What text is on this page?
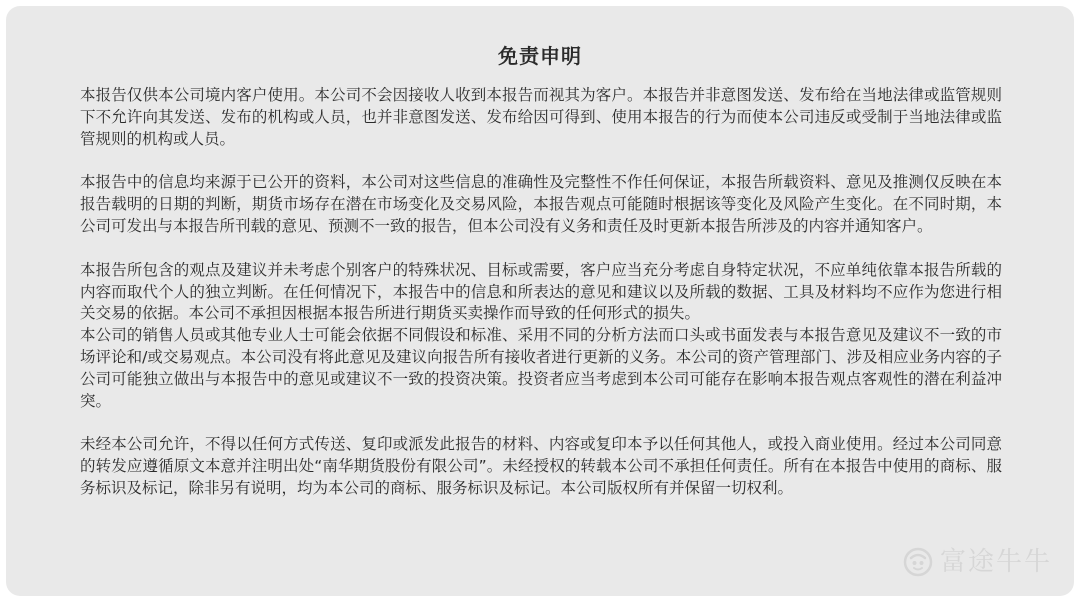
免责申明

本报告仅供本公司境内客户使用。本公司不会因接收人收到本报告而视其为客户。本报告并非意图发送、发布给在当地法律或监管规则下不允许向其发送、发布的机构或人员，也并非意图发送、发布给因可得到、使用本报告的行为而使本公司违反或受制于当地法律或监管规则的机构或人员。

本报告中的信息均来源于已公开的资料，本公司对这些信息的准确性及完整性不作任何保证，本报告所载资料、意见及推测仅反映在本报告载明的日期的判断，期货市场存在潜在市场变化及交易风险，本报告观点可能随时根据该等变化及风险产生变化。在不同时期，本公司可发出与本报告所刊载的意见、预测不一致的报告，但本公司没有义务和责任及时更新本报告所涉及的内容并通知客户。

本报告所包含的观点及建议并未考虑个别客户的特殊状况、目标或需要，客户应当充分考虑自身特定状况，不应单纯依靠本报告所载的内容而取代个人的独立判断。在任何情况下，本报告中的信息和所表达的意见和建议以及所载的数据、工具及材料均不应作为您进行相关交易的依据。本公司不承担因根据本报告所进行期货买卖操作而导致的任何形式的损失。

本公司的销售人员或其他专业人士可能会依据不同假设和标准、采用不同的分析方法而口头或书面发表与本报告意见及建议不一致的市场评论和/或交易观点。本公司没有将此意见及建议向报告所有接收者进行更新的义务。本公司的资产管理部门、涉及相应业务内容的子公司可能独立做出与本报告中的意见或建议不一致的投资决策。投资者应当考虑到本公司可能存在影响本报告观点客观性的潜在利益冲突。

未经本公司允许，不得以任何方式传送、复印或派发此报告的材料、内容或复印本予以任何其他人，或投入商业使用。经过本公司同意的转发应遵循原文本意并注明出处“南华期货股份有限公司”。未经授权的转载本公司不承担任何责任。所有在本报告中使用的商标、服务标识及标记，除非另有说明，均为本公司的商标、服务标识及标记。本公司版权所有并保留一切权利。

富途牛牛
